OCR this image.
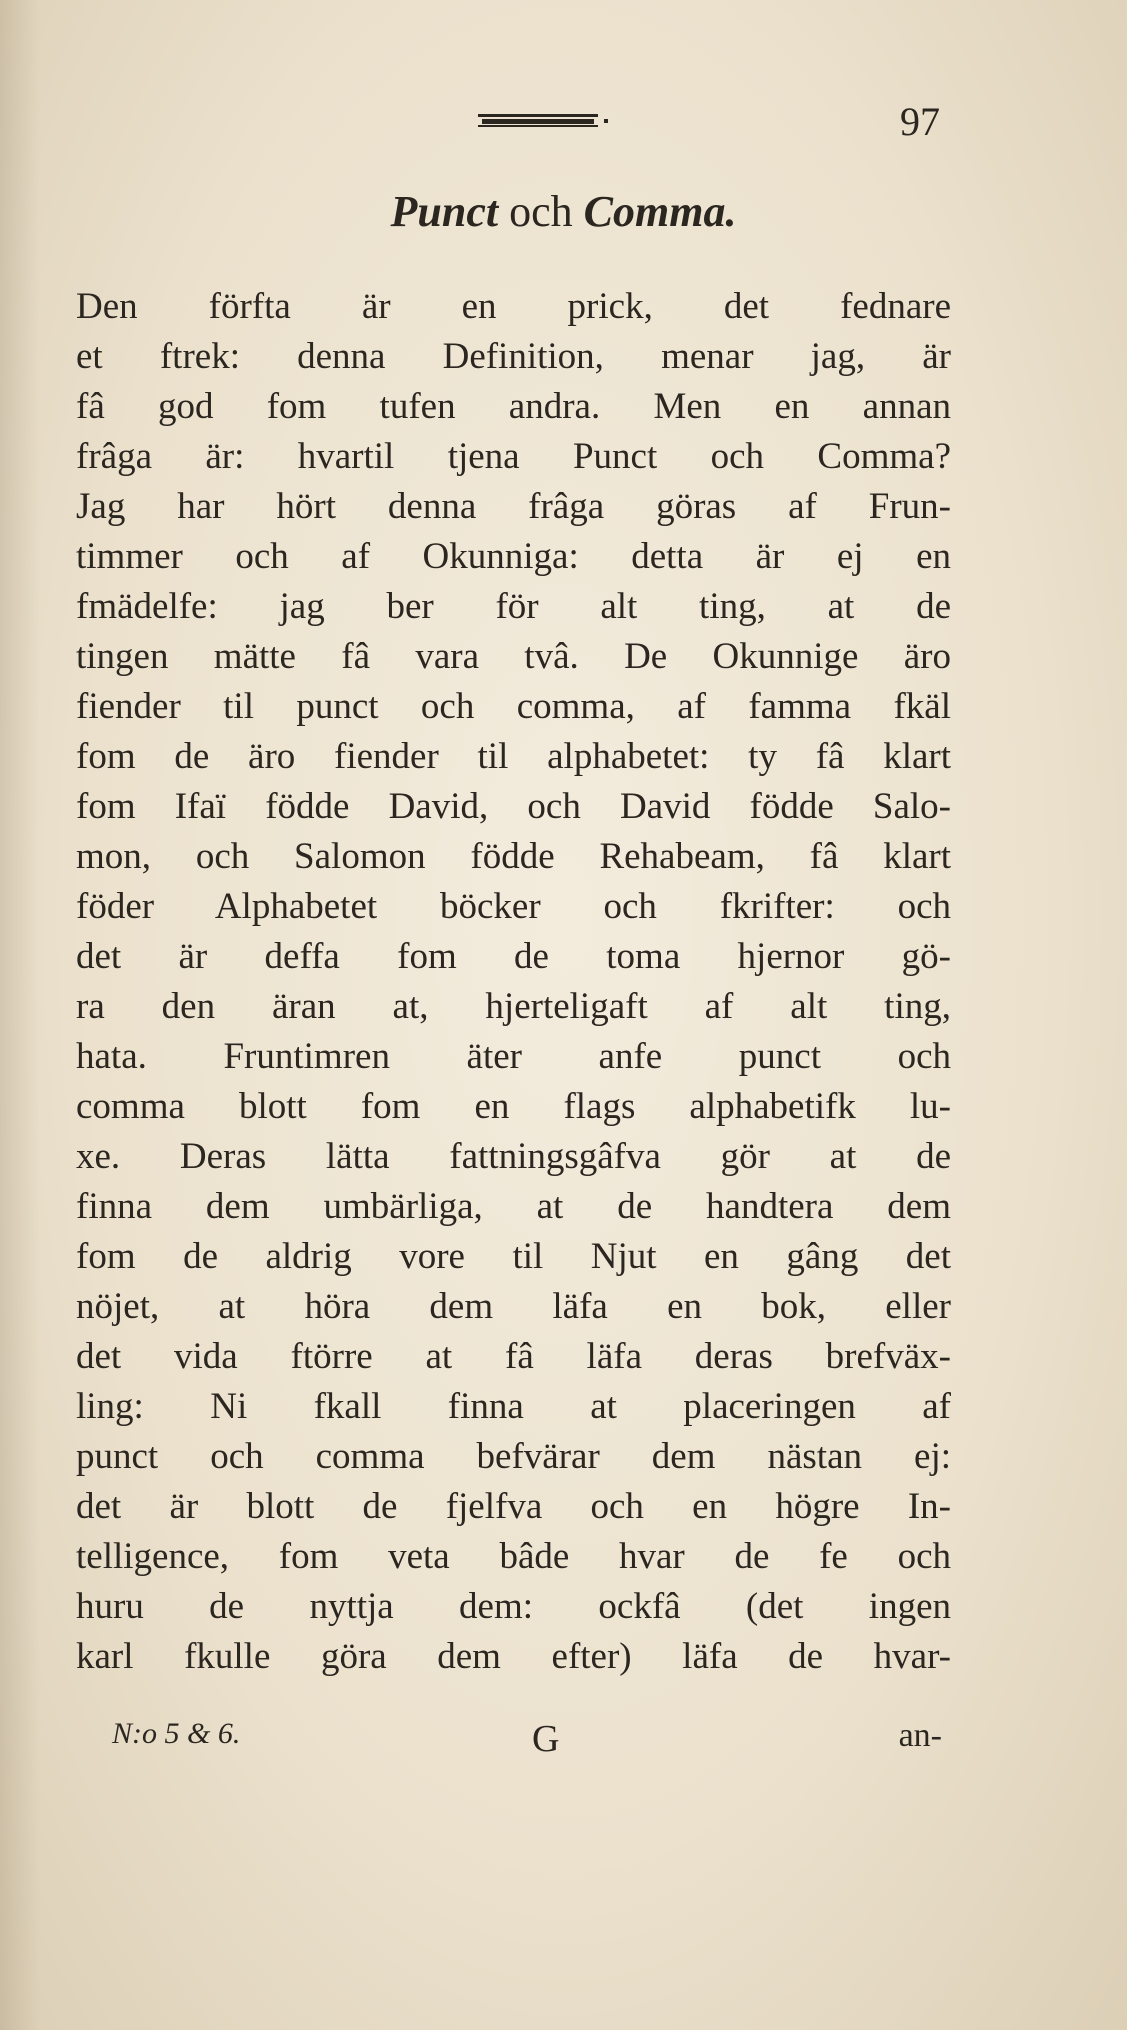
97
Punct och Comma.
Den förfta är en prick, det fednare
et ftrek: denna Definition, menar jag, är
fâ god fom tufen andra. Men en annan
frâga är: hvartil tjena Punct och Comma?
Jag har hört denna frâga göras af Frun-
timmer och af Okunniga: detta är ej en
fmädelfe: jag ber för alt ting, at de
tingen mätte fâ vara tvâ. De Okunnige äro
fiender til punct och comma, af famma fkäl
fom de äro fiender til alphabetet: ty fâ klart
fom Ifaï födde David, och David födde Salo-
mon, och Salomon födde Rehabeam, fâ klart
föder Alphabetet böcker och fkrifter: och
det är deffa fom de toma hjernor gö-
ra den äran at, hjerteligaft af alt ting,
hata. Fruntimren äter anfe punct och
comma blott fom en flags alphabetifk lu-
xe. Deras lätta fattningsgâfva gör at de
finna dem umbärliga, at de handtera dem
fom de aldrig vore til Njut en gâng det
nöjet, at höra dem läfa en bok, eller
det vida ftörre at fâ läfa deras brefväx-
ling: Ni fkall finna at placeringen af
punct och comma befvärar dem nästan ej:
det är blott de fjelfva och en högre In-
telligence, fom veta bâde hvar de fe och
huru de nyttja dem: ockfâ (det ingen
karl fkulle göra dem efter) läfa de hvar-
N:o 5 & 6.	G	an-
